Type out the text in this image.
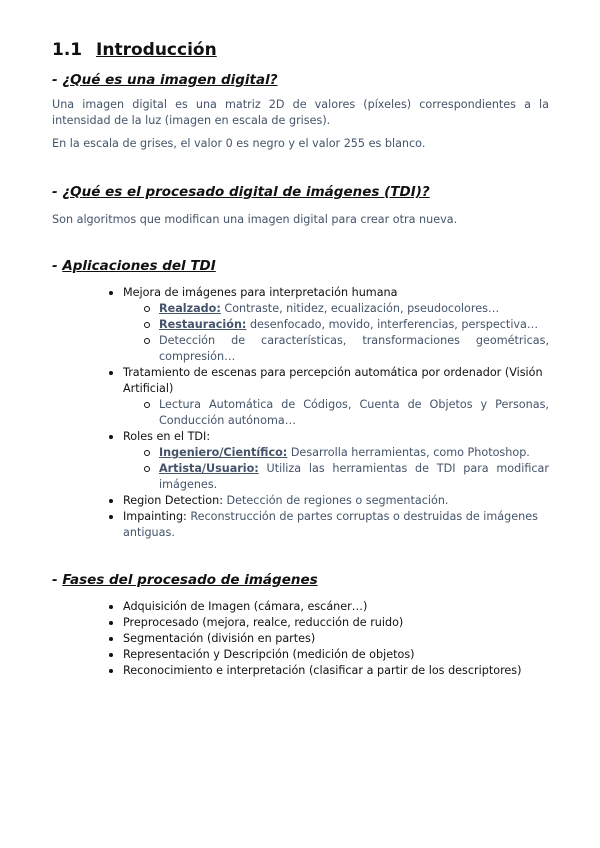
1.1 Introducción
- ¿Qué es una imagen digital?

Una imagen digital es una matriz 2D de valores (píxeles) correspondientes a la intensidad de la luz (imagen en escala de grises).

En la escala de grises, el valor 0 es negro y el valor 255 es blanco.

- ¿Qué es el procesado digital de imágenes (TDI)?

Son algoritmos que modifican una imagen digital para crear otra nueva.

- Aplicaciones del TDI
Mejora de imágenes para interpretación humana
Realzado: Contraste, nitidez, ecualización, pseudocolores…
Restauración: desenfocado, movido, interferencias, perspectiva…
Detección de características, transformaciones geométricas, compresión…
Tratamiento de escenas para percepción automática por ordenador (Visión Artificial)
Lectura Automática de Códigos, Cuenta de Objetos y Personas, Conducción autónoma…
Roles en el TDI:
Ingeniero/Científico: Desarrolla herramientas, como Photoshop.
Artista/Usuario: Utiliza las herramientas de TDI para modificar imágenes.
Region Detection: Detección de regiones o segmentación.
Impainting: Reconstrucción de partes corruptas o destruidas de imágenes antiguas.
- Fases del procesado de imágenes
Adquisición de Imagen (cámara, escáner…)
Preprocesado (mejora, realce, reducción de ruido)
Segmentación (división en partes)
Representación y Descripción (medición de objetos)
Reconocimiento e interpretación (clasificar a partir de los descriptores)
